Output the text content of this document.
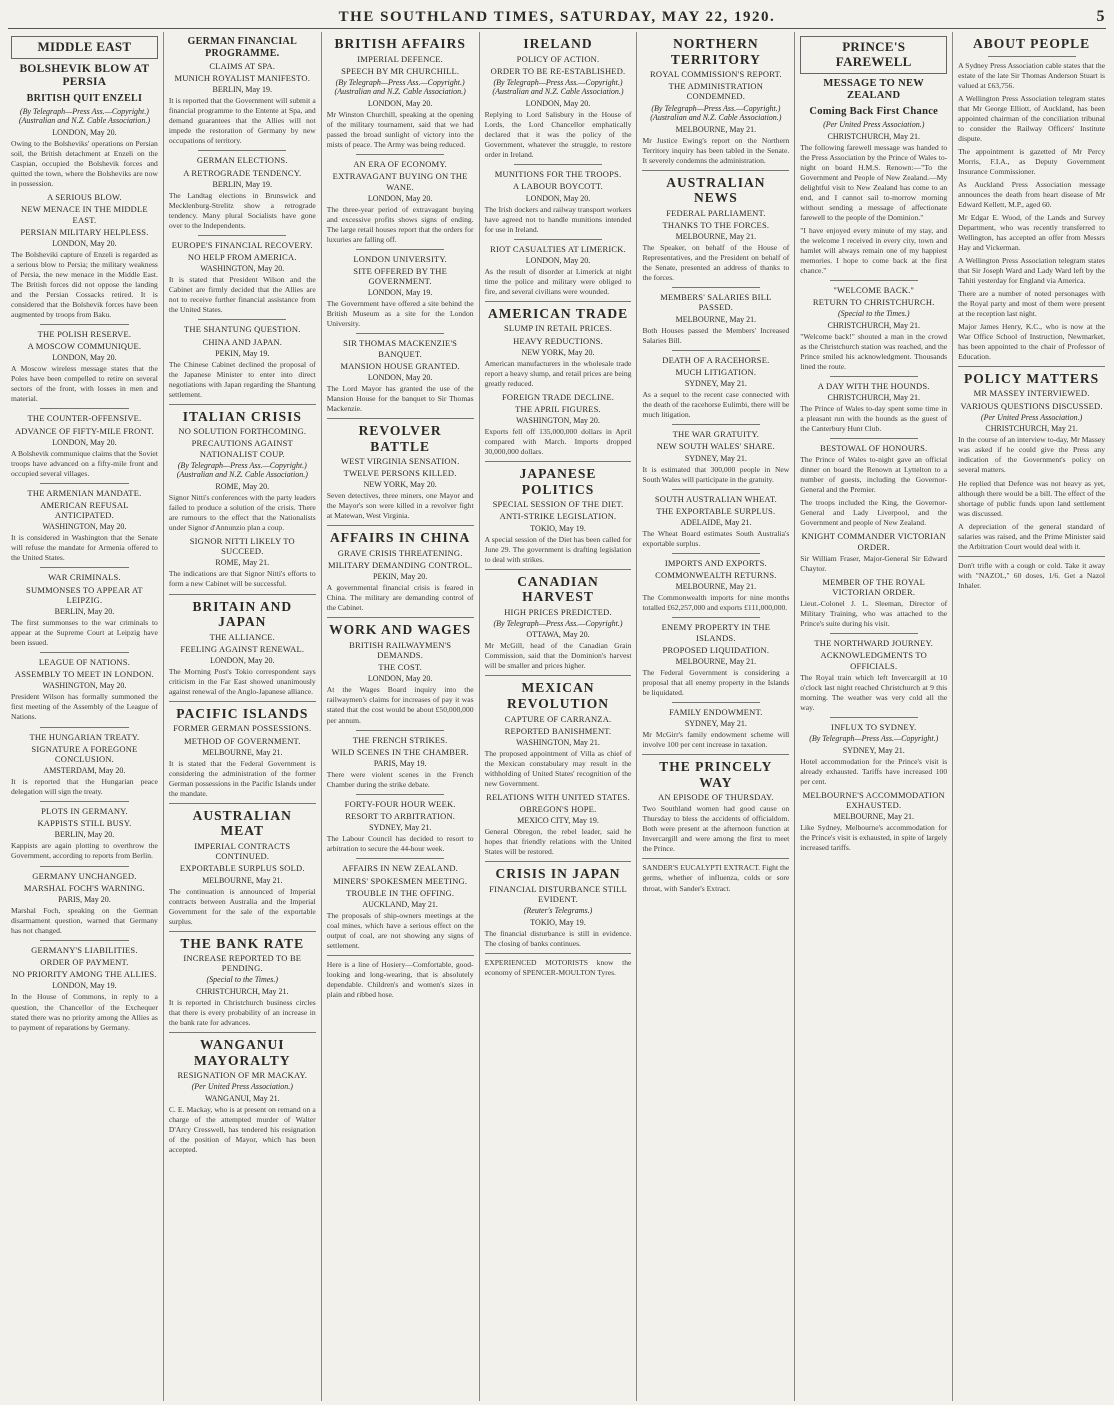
THE SOUTHLAND TIMES, SATURDAY, MAY 22, 1920.	5
MIDDLE EAST
BOLSHEVIK BLOW AT PERSIA
BRITISH QUIT ENZELI
(By Telegraph—Press Ass.—Copyright.) (Australian and N.Z. Cable Association.)
LONDON, May 20.

Owing to the Bolsheviks' operations on Persian soil, the British detachment at Enzeli on the Caspian, occupied the Bolshevik forces and quitted the town, where the Bolsheviks are now in possession.

A SERIOUS BLOW.
NEW MENACE IN THE MIDDLE EAST.
PERSIAN MILITARY HELPLESS.
LONDON, May 20.

The Bolsheviki capture of Enzeli is regarded as a serious blow to Persia; the military weakness of Persia, the new menace in the Middle East. The British forces did not oppose the landing and the Persian Cossacks retired. It is considered that the Bolshevik forces have been augmented by troops from Baku.

THE POLISH RESERVE.
A MOSCOW COMMUNIQUE.
LONDON, May 20.

A Moscow wireless message states that the Poles have been compelled to retire on several sectors of the front, with losses in men and material.

THE COUNTER-OFFENSIVE.
ADVANCE OF FIFTY-MILE FRONT.
LONDON, May 20.

A Bolshevik communique claims that the Soviet troops have advanced on a fifty-mile front and occupied several villages.

THE ARMENIAN MANDATE.
AMERICAN REFUSAL ANTICIPATED.
WASHINGTON, May 20.

It is considered in Washington that the Senate will refuse the mandate for Armenia offered to the United States.

WAR CRIMINALS.
SUMMONSES TO APPEAR AT LEIPZIG.
BERLIN, May 20.

The first summonses to the war criminals to appear at the Supreme Court at Leipzig have been issued.

LEAGUE OF NATIONS.
ASSEMBLY TO MEET IN LONDON.
WASHINGTON, May 20.

President Wilson has formally summoned the first meeting of the Assembly of the League of Nations.

THE HUNGARIAN TREATY.
SIGNATURE A FOREGONE CONCLUSION.
AMSTERDAM, May 20.

It is reported that the Hungarian peace delegation will sign the treaty.

PLOTS IN GERMANY.
KAPPISTS STILL BUSY.
BERLIN, May 20.

Kappists are again plotting to overthrow the Government, according to reports from Berlin.

GERMANY UNCHANGED.
MARSHAL FOCH'S WARNING.
PARIS, May 20.

Marshal Foch, speaking on the German disarmament question, warned that Germany has not changed.

GERMANY'S LIABILITIES.
ORDER OF PAYMENT.
NO PRIORITY AMONG THE ALLIES.
LONDON, May 19.

In the House of Commons, in reply to a question, the Chancellor of the Exchequer stated there was no priority among the Allies as to payment of reparations by Germany.

GERMAN FINANCIAL PROGRAMME.
CLAIMS AT SPA.
MUNICH ROYALIST MANIFESTO.
BERLIN, May 19.

It is reported that the Government will submit a financial programme to the Entente at Spa, and demand guarantees that the Allies will not impede the restoration of Germany by new occupations of territory.

GERMAN ELECTIONS.
A RETROGRADE TENDENCY.
BERLIN, May 19.

The Landtag elections in Brunswick and Mecklenburg-Strelitz show a retrograde tendency. Many plural Socialists have gone over to the Independents.

EUROPE'S FINANCIAL RECOVERY.
NO HELP FROM AMERICA.
WASHINGTON, May 20.

It is stated that President Wilson and the Cabinet are firmly decided that the Allies are not to receive further financial assistance from the United States.

THE SHANTUNG QUESTION.
CHINA AND JAPAN.
PEKIN, May 19.

The Chinese Cabinet declined the proposal of the Japanese Minister to enter into direct negotiations with Japan regarding the Shantung settlement.

ITALIAN CRISIS
NO SOLUTION FORTHCOMING.
PRECAUTIONS AGAINST NATIONALIST COUP.
(By Telegraph—Press Ass.—Copyright.) (Australian and N.Z. Cable Association.)
ROME, May 20.

Signor Nitti's conferences with the party leaders failed to produce a solution of the crisis. There are rumours to the effect that the Nationalists under Signor d'Annunzio plan a coup.

SIGNOR NITTI LIKELY TO SUCCEED.
ROME, May 21.

The indications are that Signor Nitti's efforts to form a new Cabinet will be successful.

BRITAIN AND JAPAN
THE ALLIANCE.
FEELING AGAINST RENEWAL.
LONDON, May 20.

The Morning Post's Tokio correspondent says criticism in the Far East showed unanimously against renewal of the Anglo-Japanese alliance.

PACIFIC ISLANDS
FORMER GERMAN POSSESSIONS.
METHOD OF GOVERNMENT.
MELBOURNE, May 21.

It is stated that the Federal Government is considering the administration of the former German possessions in the Pacific Islands under the mandate.

AUSTRALIAN MEAT
IMPERIAL CONTRACTS CONTINUED.
EXPORTABLE SURPLUS SOLD.
MELBOURNE, May 21.

The continuation is announced of Imperial contracts between Australia and the Imperial Government for the sale of the exportable surplus.

THE BANK RATE
INCREASE REPORTED TO BE PENDING.
(Special to the Times.)
CHRISTCHURCH, May 21.

It is reported in Christchurch business circles that there is every probability of an increase in the bank rate for advances.

WANGANUI MAYORALTY
RESIGNATION OF MR MACKAY.
(Per United Press Association.)
WANGANUI, May 21.

C. E. Mackay, who is at present on remand on a charge of the attempted murder of Walter D'Arcy Cresswell, has tendered his resignation of the position of Mayor, which has been accepted.

BRITISH AFFAIRS
IMPERIAL DEFENCE.
SPEECH BY MR CHURCHILL.
(By Telegraph—Press Ass.—Copyright.) (Australian and N.Z. Cable Association.)
LONDON, May 20.

Mr Winston Churchill, speaking at the opening of the military tournament, said that we had passed the broad sunlight of victory into the mists of peace. The Army was being reduced.

AN ERA OF ECONOMY.
EXTRAVAGANT BUYING ON THE WANE.
LONDON, May 20.

The three-year period of extravagant buying and excessive profits shows signs of ending. The large retail houses report that the orders for luxuries are falling off.

LONDON UNIVERSITY.
SITE OFFERED BY THE GOVERNMENT.
LONDON, May 19.

The Government have offered a site behind the British Museum as a site for the London University.

SIR THOMAS MACKENZIE'S BANQUET.
MANSION HOUSE GRANTED.
LONDON, May 20.

The Lord Mayor has granted the use of the Mansion House for the banquet to Sir Thomas Mackenzie.

REVOLVER BATTLE
WEST VIRGINIA SENSATION.
TWELVE PERSONS KILLED.
NEW YORK, May 20.

Seven detectives, three miners, one Mayor and the Mayor's son were killed in a revolver fight at Matewan, West Virginia.

AFFAIRS IN CHINA
GRAVE CRISIS THREATENING.
MILITARY DEMANDING CONTROL.
PEKIN, May 20.

A governmental financial crisis is feared in China. The military are demanding control of the Cabinet.

WORK AND WAGES
BRITISH RAILWAYMEN'S DEMANDS.
THE COST.
LONDON, May 20.

At the Wages Board inquiry into the railwaymen's claims for increases of pay it was stated that the cost would be about £50,000,000 per annum.

THE FRENCH STRIKES.
WILD SCENES IN THE CHAMBER.
PARIS, May 19.

There were violent scenes in the French Chamber during the strike debate.

FORTY-FOUR HOUR WEEK.
RESORT TO ARBITRATION.
SYDNEY, May 21.

The Labour Council has decided to resort to arbitration to secure the 44-hour week.

AFFAIRS IN NEW ZEALAND.
MINERS' SPOKESMEN MEETING.
TROUBLE IN THE OFFING.
AUCKLAND, May 21.

The proposals of ship-owners meetings at the coal mines, which have a serious effect on the output of coal, are not showing any signs of settlement.

Here is a line of Hosiery—Comfortable, good-looking and long-wearing, that is absolutely dependable. Children's and women's sizes in plain and ribbed hose.

IRELAND
POLICY OF ACTION.
ORDER TO BE RE-ESTABLISHED.
(By Telegraph—Press Ass.—Copyright.) (Australian and N.Z. Cable Association.)
LONDON, May 20.

Replying to Lord Salisbury in the House of Lords, the Lord Chancellor emphatically declared that it was the policy of the Government, whatever the struggle, to restore order in Ireland.

MUNITIONS FOR THE TROOPS.
A LABOUR BOYCOTT.
LONDON, May 20.

The Irish dockers and railway transport workers have agreed not to handle munitions intended for use in Ireland.

RIOT CASUALTIES AT LIMERICK.
LONDON, May 20.

As the result of disorder at Limerick at night time the police and military were obliged to fire, and several civilians were wounded.

AMERICAN TRADE
SLUMP IN RETAIL PRICES.
HEAVY REDUCTIONS.
NEW YORK, May 20.

American manufacturers in the wholesale trade report a heavy slump, and retail prices are being greatly reduced.

FOREIGN TRADE DECLINE.
THE APRIL FIGURES.
WASHINGTON, May 20.

Exports fell off 135,000,000 dollars in April compared with March. Imports dropped 30,000,000 dollars.

JAPANESE POLITICS
SPECIAL SESSION OF THE DIET.
ANTI-STRIKE LEGISLATION.
TOKIO, May 19.

A special session of the Diet has been called for June 29. The government is drafting legislation to deal with strikes.

CANADIAN HARVEST
HIGH PRICES PREDICTED.
(By Telegraph—Press Ass.—Copyright.)
OTTAWA, May 20.

Mr McGill, head of the Canadian Grain Commission, said that the Dominion's harvest will be smaller and prices higher.

MEXICAN REVOLUTION
CAPTURE OF CARRANZA.
REPORTED BANISHMENT.
WASHINGTON, May 21.

The proposed appointment of Villa as chief of the Mexican constabulary may result in the withholding of United States' recognition of the new Government.

RELATIONS WITH UNITED STATES.
OBREGON'S HOPE.
MEXICO CITY, May 19.

General Obregon, the rebel leader, said he hopes that friendly relations with the United States will be restored.

CRISIS IN JAPAN
FINANCIAL DISTURBANCE STILL EVIDENT.
(Reuter's Telegrams.)
TOKIO, May 19.

The financial disturbance is still in evidence. The closing of banks continues.

EXPERIENCED MOTORISTS know the economy of SPENCER-MOULTON Tyres.

NORTHERN TERRITORY
ROYAL COMMISSION'S REPORT.
THE ADMINISTRATION CONDEMNED.
(By Telegraph—Press Ass.—Copyright.) (Australian and N.Z. Cable Association.)
MELBOURNE, May 21.

Mr Justice Ewing's report on the Northern Territory inquiry has been tabled in the Senate. It severely condemns the administration.

AUSTRALIAN NEWS
FEDERAL PARLIAMENT.
THANKS TO THE FORCES.
MELBOURNE, May 21.

The Speaker, on behalf of the House of Representatives, and the President on behalf of the Senate, presented an address of thanks to the forces.

MEMBERS' SALARIES BILL PASSED.
MELBOURNE, May 21.

Both Houses passed the Members' Increased Salaries Bill.

DEATH OF A RACEHORSE.
MUCH LITIGATION.
SYDNEY, May 21.

As a sequel to the recent case connected with the death of the racehorse Eulimbi, there will be much litigation.

THE WAR GRATUITY.
NEW SOUTH WALES' SHARE.
SYDNEY, May 21.

It is estimated that 300,000 people in New South Wales will participate in the gratuity.

SOUTH AUSTRALIAN WHEAT.
THE EXPORTABLE SURPLUS.
ADELAIDE, May 21.

The Wheat Board estimates South Australia's exportable surplus.

IMPORTS AND EXPORTS.
COMMONWEALTH RETURNS.
MELBOURNE, May 21.

The Commonwealth imports for nine months totalled £62,257,000 and exports £111,000,000.

ENEMY PROPERTY IN THE ISLANDS.
PROPOSED LIQUIDATION.
MELBOURNE, May 21.

The Federal Government is considering a proposal that all enemy property in the Islands be liquidated.

FAMILY ENDOWMENT.
SYDNEY, May 21.

Mr McGirr's family endowment scheme will involve 100 per cent increase in taxation.

THE PRINCELY WAY
AN EPISODE OF THURSDAY.

Two Southland women had good cause on Thursday to bless the accidents of officialdom. Both were present at the afternoon function at Invercargill and were among the first to meet the Prince.

SANDER'S EUCALYPTI EXTRACT. Fight the germs, whether of influenza, colds or sore throat, with Sander's Extract.

PRINCE'S FAREWELL
MESSAGE TO NEW ZEALAND
Coming Back First Chance
(Per United Press Association.)
CHRISTCHURCH, May 21.

The following farewell message was handed to the Press Association by the Prince of Wales to-night on board H.M.S. Renown:—"To the Government and People of New Zealand.—My delightful visit to New Zealand has come to an end, and I cannot sail to-morrow morning without sending a message of affectionate farewell to the people of the Dominion."

"I have enjoyed every minute of my stay, and the welcome I received in every city, town and hamlet will always remain one of my happiest memories. I hope to come back at the first chance."

"WELCOME BACK."
RETURN TO CHRISTCHURCH.
(Special to the Times.)
CHRISTCHURCH, May 21.

"Welcome back!" shouted a man in the crowd as the Christchurch station was reached, and the Prince smiled his acknowledgment. Thousands lined the route.

A DAY WITH THE HOUNDS.
CHRISTCHURCH, May 21.

The Prince of Wales to-day spent some time in a pleasant run with the hounds as the guest of the Canterbury Hunt Club.

BESTOWAL OF HONOURS.

The Prince of Wales to-night gave an official dinner on board the Renown at Lyttelton to a number of guests, including the Governor-General and the Premier.

The troops included the King, the Governor-General and Lady Liverpool, and the Government and people of New Zealand.

KNIGHT COMMANDER VICTORIAN ORDER.

Sir William Fraser, Major-General Sir Edward Chaytor.

MEMBER OF THE ROYAL VICTORIAN ORDER.

Lieut.-Colonel J. L. Sleeman, Director of Military Training, who was attached to the Prince's suite during his visit.

THE NORTHWARD JOURNEY.
ACKNOWLEDGMENTS TO OFFICIALS.

The Royal train which left Invercargill at 10 o'clock last night reached Christchurch at 9 this morning. The weather was very cold all the way.

INFLUX TO SYDNEY.
(By Telegraph—Press Ass.—Copyright.)
SYDNEY, May 21.

Hotel accommodation for the Prince's visit is already exhausted. Tariffs have increased 100 per cent.

MELBOURNE'S ACCOMMODATION EXHAUSTED.
MELBOURNE, May 21.

Like Sydney, Melbourne's accommodation for the Prince's visit is exhausted, in spite of largely increased tariffs.

ABOUT PEOPLE

A Sydney Press Association cable states that the estate of the late Sir Thomas Anderson Stuart is valued at £63,756.

A Wellington Press Association telegram states that Mr George Elliott, of Auckland, has been appointed chairman of the conciliation tribunal to consider the Railway Officers' Institute dispute.

The appointment is gazetted of Mr Percy Morris, F.I.A., as Deputy Government Insurance Commissioner.

As Auckland Press Association message announces the death from heart disease of Mr Edward Kellett, M.P., aged 60.

Mr Edgar E. Wood, of the Lands and Survey Department, who was recently transferred to Wellington, has accepted an offer from Messrs Hay and Vickerman.

A Wellington Press Association telegram states that Sir Joseph Ward and Lady Ward left by the Tahiti yesterday for England via America.

There are a number of noted personages with the Royal party and most of them were present at the reception last night.

Major James Henry, K.C., who is now at the War Office School of Instruction, Newmarket, has been appointed to the chair of Professor of Education.

POLICY MATTERS
MR MASSEY INTERVIEWED.
VARIOUS QUESTIONS DISCUSSED.
(Per United Press Association.)
CHRISTCHURCH, May 21.

In the course of an interview to-day, Mr Massey was asked if he could give the Press any indication of the Government's policy on several matters.

He replied that Defence was not heavy as yet, although there would be a bill. The effect of the shortage of public funds upon land settlement was discussed.

A depreciation of the general standard of salaries was raised, and the Prime Minister said the Arbitration Court would deal with it.

Don't trifle with a cough or cold. Take it away with "NAZOL," 60 doses, 1/6. Get a Nazol Inhaler.
